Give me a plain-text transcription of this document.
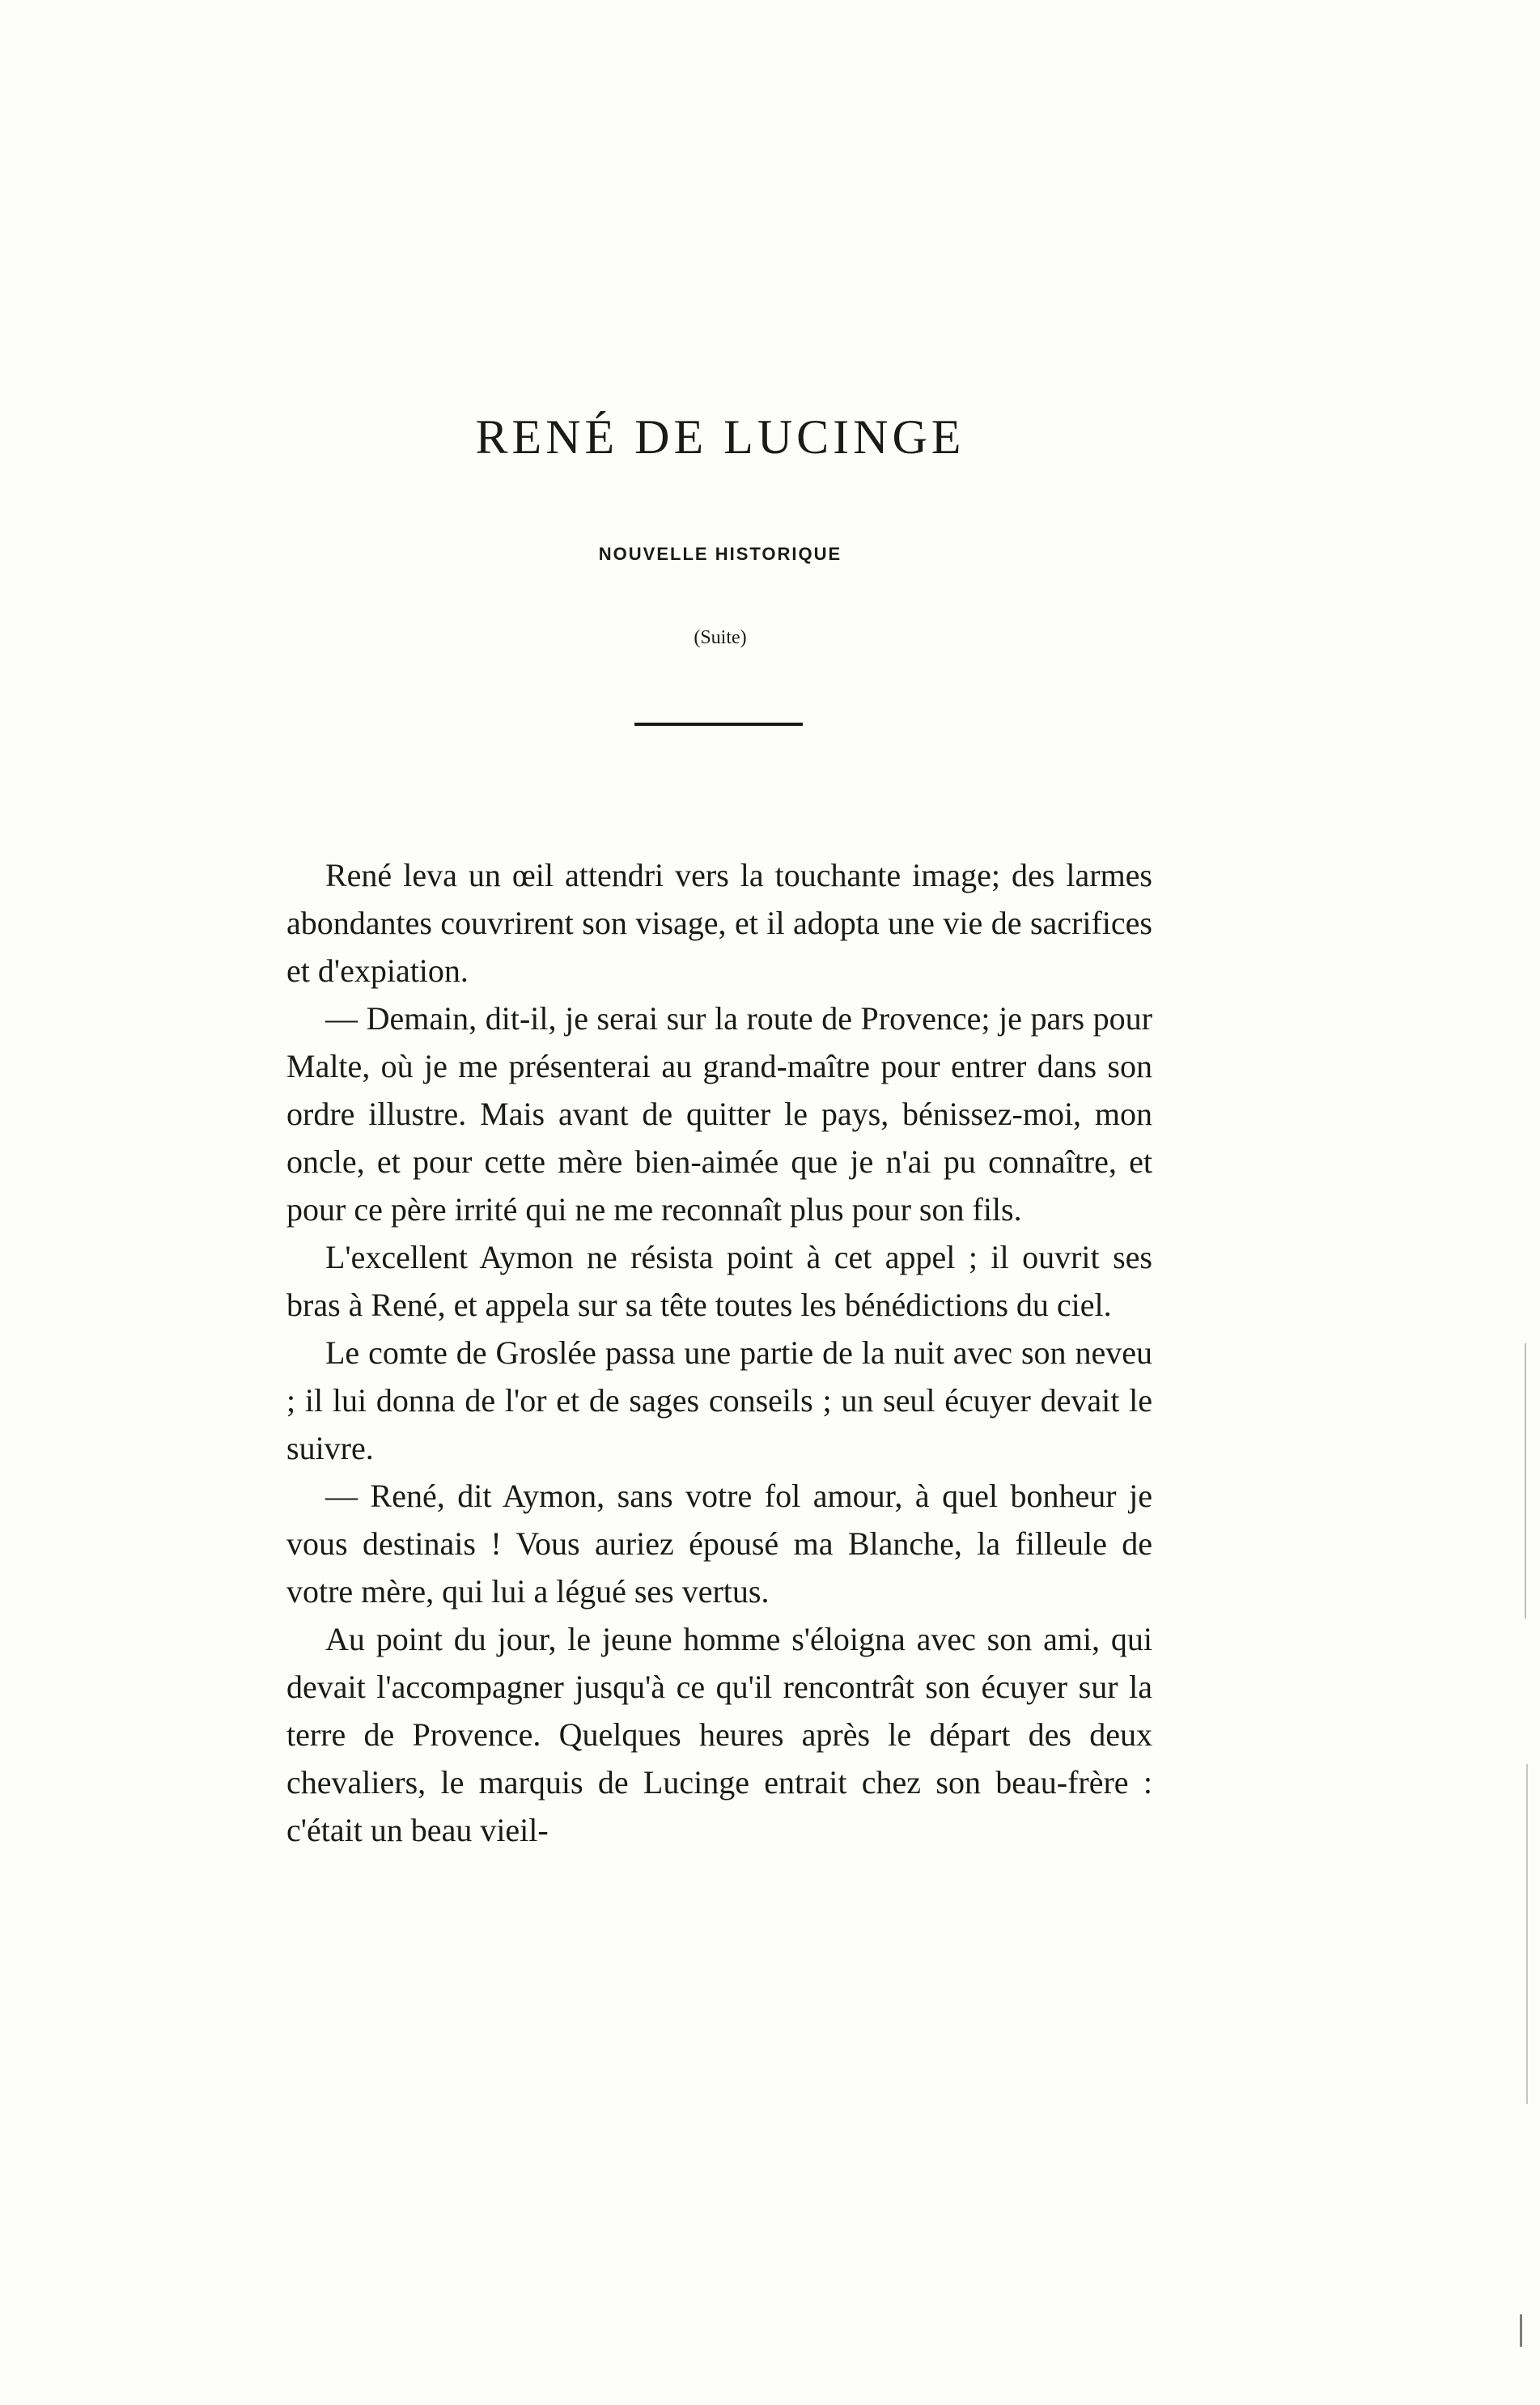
RENÉ DE LUCINGE
NOUVELLE HISTORIQUE
(Suite)

René leva un œil attendri vers la touchante image; des larmes abondantes couvrirent son visage, et il adopta une vie de sacrifices et d'expiation.

— Demain, dit-il, je serai sur la route de Provence; je pars pour Malte, où je me présenterai au grand-maître pour entrer dans son ordre illustre. Mais avant de quitter le pays, bénissez-moi, mon oncle, et pour cette mère bien-aimée que je n'ai pu connaître, et pour ce père irrité qui ne me reconnaît plus pour son fils.

L'excellent Aymon ne résista point à cet appel ; il ouvrit ses bras à René, et appela sur sa tête toutes les bénédictions du ciel.

Le comte de Groslée passa une partie de la nuit avec son neveu ; il lui donna de l'or et de sages conseils ; un seul écuyer devait le suivre.

— René, dit Aymon, sans votre fol amour, à quel bonheur je vous destinais ! Vous auriez épousé ma Blanche, la filleule de votre mère, qui lui a légué ses vertus.

Au point du jour, le jeune homme s'éloigna avec son ami, qui devait l'accompagner jusqu'à ce qu'il rencontrât son écuyer sur la terre de Provence. Quelques heures après le départ des deux chevaliers, le marquis de Lucinge entrait chez son beau-frère : c'était un beau vieil-
